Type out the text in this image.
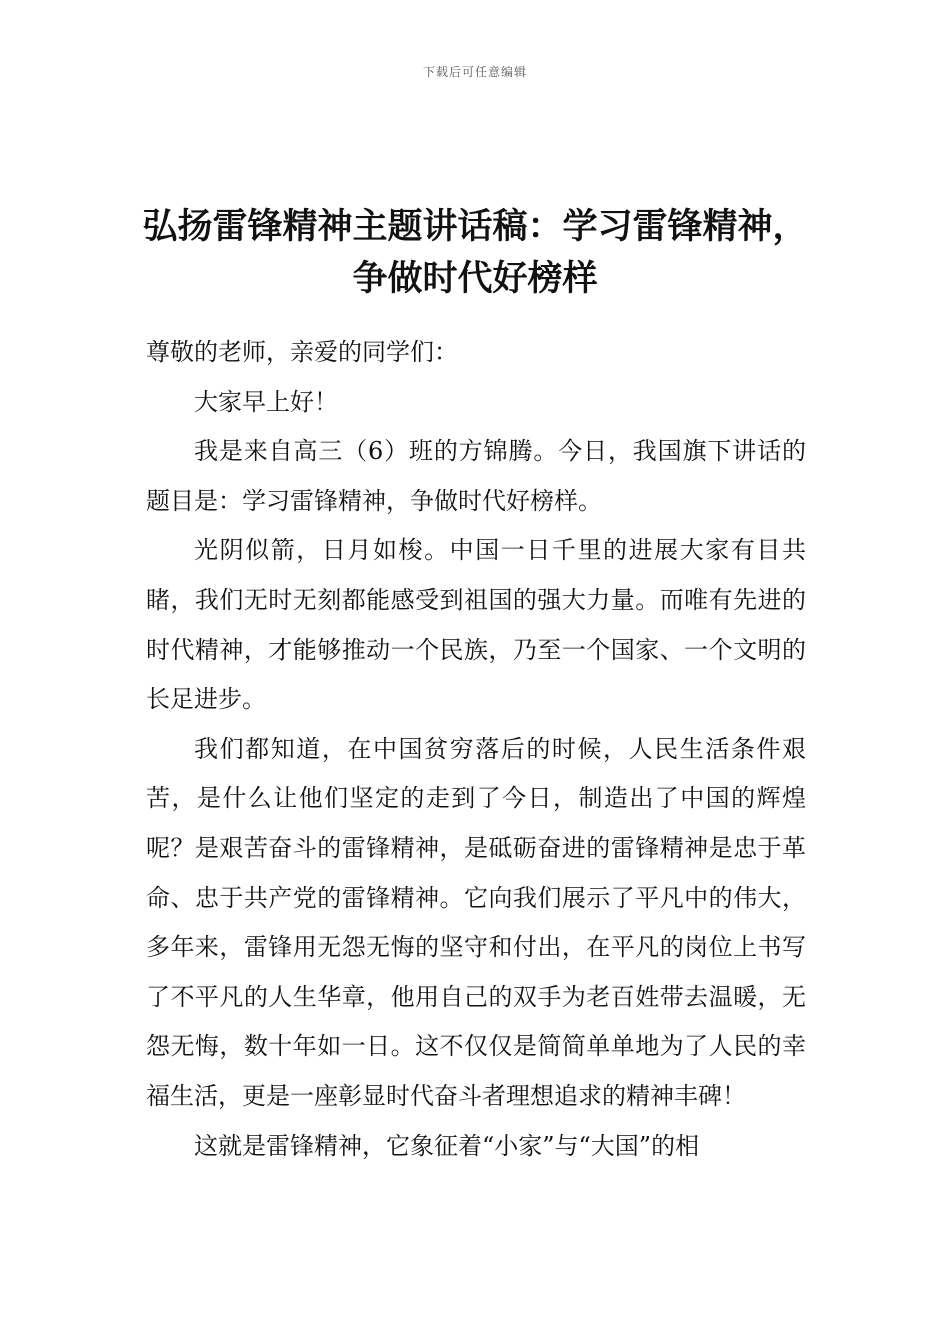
下载后可任意编辑
弘扬雷锋精神主题讲话稿：学习雷锋精神，
争做时代好榜样

尊敬的老师，亲爱的同学们：

大家早上好！

我是来自高三（6）班的方锦腾。今日，我国旗下讲话的题目是：学习雷锋精神，争做时代好榜样。

光阴似箭，日月如梭。中国一日千里的进展大家有目共睹，我们无时无刻都能感受到祖国的强大力量。而唯有先进的时代精神，才能够推动一个民族，乃至一个国家、一个文明的长足进步。

我们都知道，在中国贫穷落后的时候，人民生活条件艰苦，是什么让他们坚定的走到了今日，制造出了中国的辉煌呢？是艰苦奋斗的雷锋精神，是砥砺奋进的雷锋精神是忠于革命、忠于共产党的雷锋精神。它向我们展示了平凡中的伟大，多年来，雷锋用无怨无悔的坚守和付出，在平凡的岗位上书写了不平凡的人生华章，他用自己的双手为老百姓带去温暖，无怨无悔，数十年如一日。这不仅仅是简简单单地为了人民的幸福生活，更是一座彰显时代奋斗者理想追求的精神丰碑！

这就是雷锋精神，它象征着“小家”与“大国”的相
